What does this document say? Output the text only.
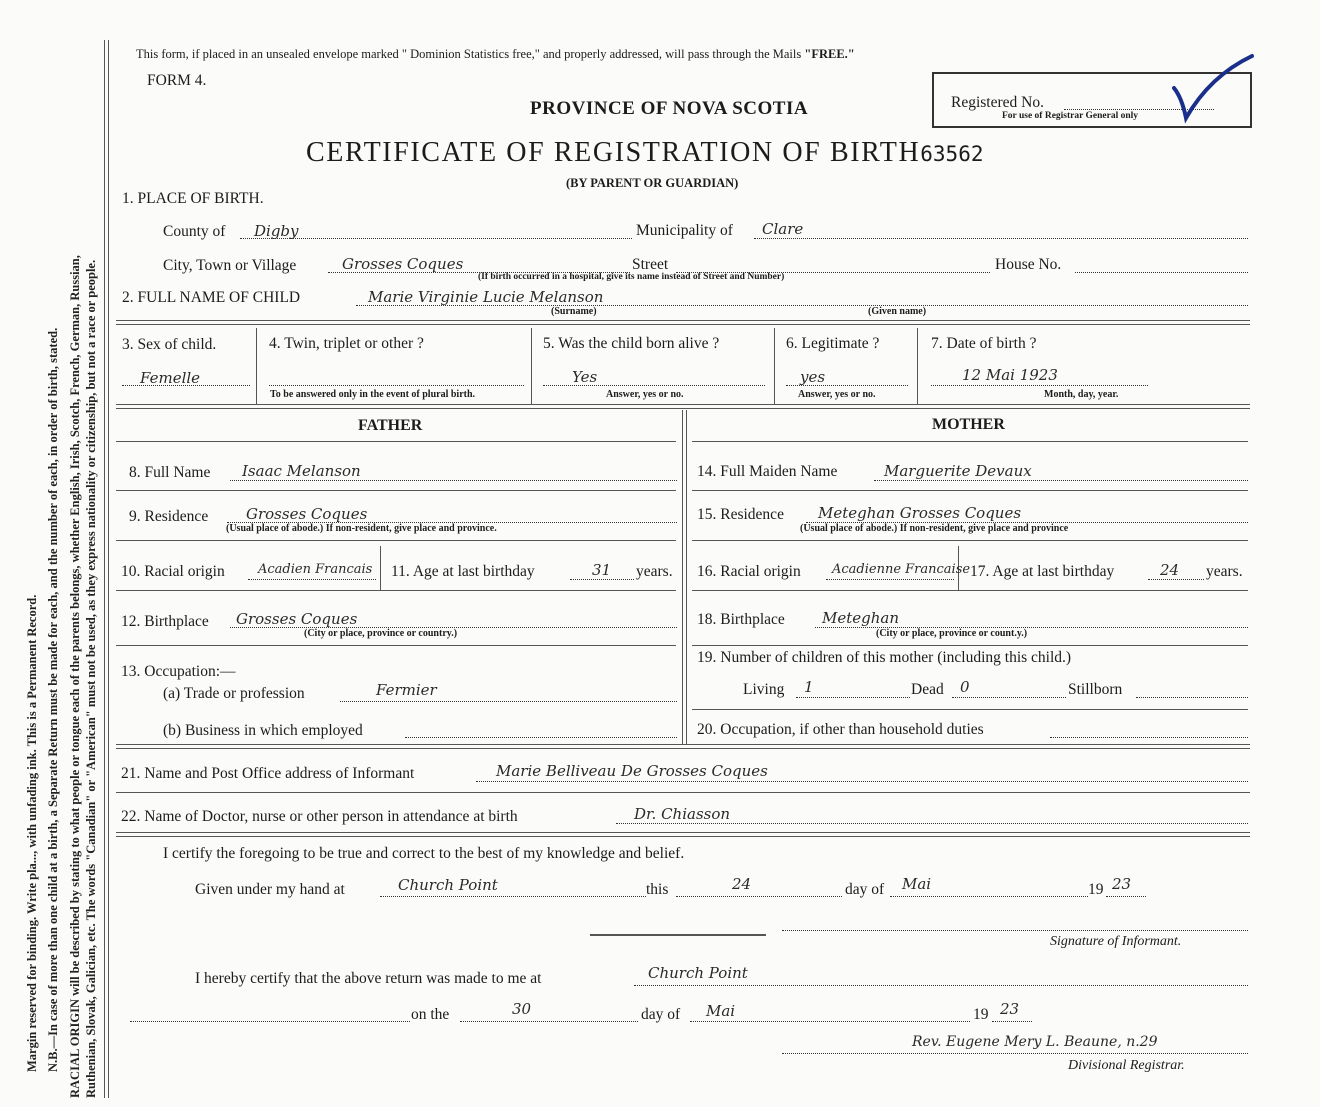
Margin reserved for binding. Write pla..., with unfading ink. This is a Permanent Record. N.B.—In case of more than one child at a birth, a Separate Return must be made for each, and the number of each, in order of birth, stated. RACIAL ORIGIN will be described by stating to what people or tongue each of the parents belongs, whether English, Irish, Scotch, French, German, Russian, Ruthenian, Slovak, Galician, etc. The words "Canadian" or "American" must not be used, as they express nationality or citizenship, but not a race or people.
This form, if placed in an unsealed envelope marked " Dominion Statistics free," and properly addressed, will pass through the Mails "FREE."
FORM 4.
PROVINCE OF NOVA SCOTIA
CERTIFICATE OF REGISTRATION OF BIRTH63562
(BY PARENT OR GUARDIAN)
Registered No.
For use of Registrar General only
1. PLACE OF BIRTH.
County of Digby	Municipality of Clare
City, Town or Village	Grosses Coques	Street
(If birth occurred in a hospital, give its name instead of Street and Number)
House No.
2. FULL NAME OF CHILD	Marie Virginie Lucie Melanson
(Surname)	(Given name)
3. Sex of child.
Femelle
4. Twin, triplet or other ?
To be answered only in the event of plural birth.
5. Was the child born alive ?
Yes
Answer, yes or no.
6. Legitimate ?
yes
Answer, yes or no.
7. Date of birth ?
12 Mai 1923
Month, day, year.
FATHER	MOTHER
8. Full Name Isaac Melanson
9. Residence	Grosses Coques
(Usual place of abode.) If non-resident, give place and province.
10. Racial origin	Acadien Francais 11. Age at last birthday	31 years.
12. Birthplace Grosses Coques
(City or place, province or country.)
13. Occupation:—
(a) Trade or profession	Fermier
(b) Business in which employed
14. Full Maiden Name	Marguerite Devaux
15. Residence Meteghan Grosses Coques
(Usual place of abode.) If non-resident, give place and province
16. Racial origin Acadienne Francaise 17. Age at last birthday	24 years.
18. Birthplace Meteghan
(City or place, province or count.y.)
19. Number of children of this mother (including this child.)
Living 1	Dead 0	Stillborn
20. Occupation, if other than household duties
21. Name and Post Office address of Informant	Marie Belliveau De Grosses Coques
22. Name of Doctor, nurse or other person in attendance at birth	Dr. Chiasson
I certify the foregoing to be true and correct to the best of my knowledge and belief.
Given under my hand at	Church Point	this	24	day of Mai	19 23
Signature of Informant.
I hereby certify that the above return was made to me at	Church Point
on the	30	day of Mai	19 23
Rev. Eugene Mery L. Beaune, n.29
Divisional Registrar.
